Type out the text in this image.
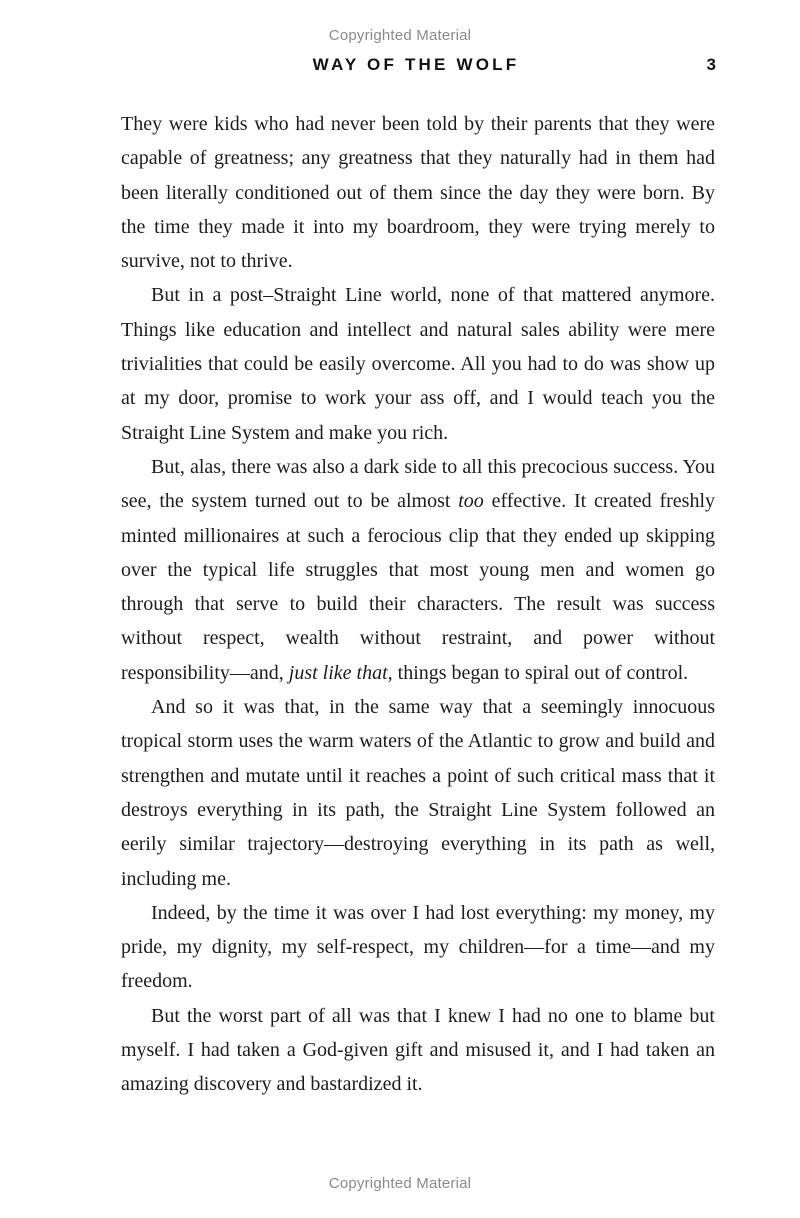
Copyrighted Material
WAY OF THE WOLF	3

They were kids who had never been told by their parents that they were capable of greatness; any greatness that they naturally had in them had been literally conditioned out of them since the day they were born. By the time they made it into my boardroom, they were trying merely to survive, not to thrive.

But in a post–Straight Line world, none of that mattered anymore. Things like education and intellect and natural sales ability were mere trivialities that could be easily overcome. All you had to do was show up at my door, promise to work your ass off, and I would teach you the Straight Line System and make you rich.

But, alas, there was also a dark side to all this precocious success. You see, the system turned out to be almost too effective. It created freshly minted millionaires at such a ferocious clip that they ended up skipping over the typical life struggles that most young men and women go through that serve to build their characters. The result was success without respect, wealth without restraint, and power without responsibility—and, just like that, things began to spiral out of control.

And so it was that, in the same way that a seemingly innocuous tropical storm uses the warm waters of the Atlantic to grow and build and strengthen and mutate until it reaches a point of such critical mass that it destroys everything in its path, the Straight Line System followed an eerily similar trajectory—destroying everything in its path as well, including me.

Indeed, by the time it was over I had lost everything: my money, my pride, my dignity, my self-respect, my children—for a time—and my freedom.

But the worst part of all was that I knew I had no one to blame but myself. I had taken a God-given gift and misused it, and I had taken an amazing discovery and bastardized it.

Copyrighted Material
